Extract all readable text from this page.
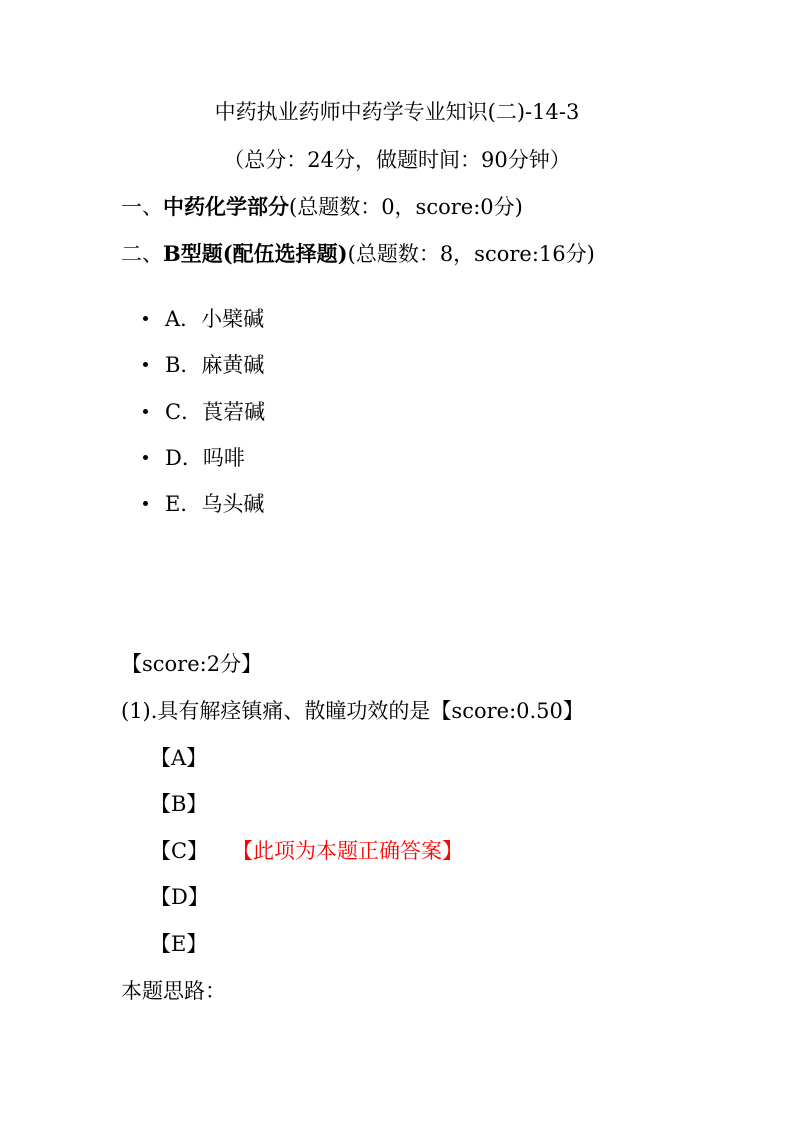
中药执业药师中药学专业知识(二)-14-3
（总分：24分，做题时间：90分钟）
一、中药化学部分(总题数：0，score:0分)
二、B型题(配伍选择题)(总题数：8，score:16分)
A．小檗碱
B．麻黄碱
C．莨菪碱
D．吗啡
E．乌头碱
【score:2分】
(1).具有解痉镇痛、散瞳功效的是【score:0.50】
【A】
【B】
【C】 【此项为本题正确答案】
【D】
【E】
本题思路：
